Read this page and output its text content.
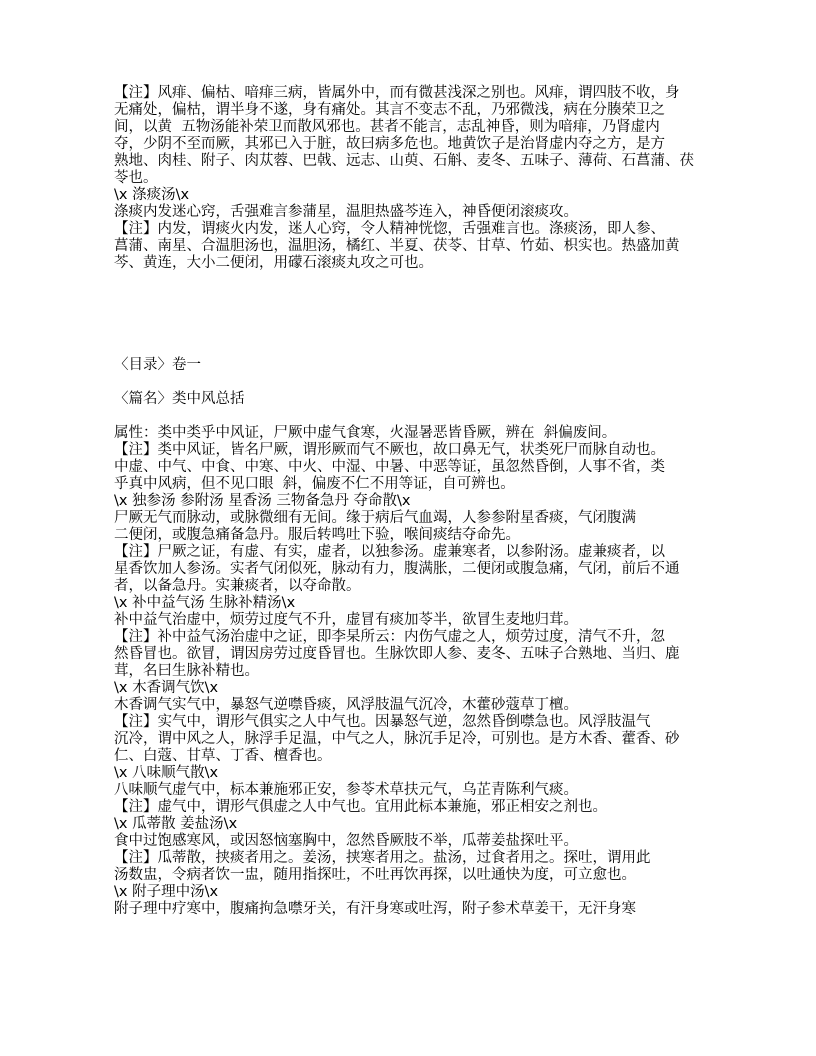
【注】风痱、偏枯、喑痱三病，皆属外中，而有微甚浅深之别也。风痱，谓四肢不收，身
无痛处，偏枯，谓半身不遂，身有痛处。其言不变志不乱，乃邪微浅，病在分腠荣卫之
间，以黄  五物汤能补荣卫而散风邪也。甚者不能言，志乱神昏，则为喑痱，乃肾虚内
夺，少阴不至而厥，其邪已入于脏，故曰病多危也。地黄饮子是治肾虚内夺之方，是方
熟地、肉桂、附子、肉苁蓉、巴戟、远志、山萸、石斛、麦冬、五味子、薄荷、石菖蒲、茯
苓也。
\x 涤痰汤\x
涤痰内发迷心窍，舌强难言参蒲星，温胆热盛芩连入，神昏便闭滚痰攻。
【注】内发，谓痰火内发，迷人心窍，令人精神恍惚，舌强难言也。涤痰汤，即人参、
菖蒲、南星、合温胆汤也，温胆汤，橘红、半夏、茯苓、甘草、竹茹、枳实也。热盛加黄
芩、黄连，大小二便闭，用礞石滚痰丸攻之可也。
〈目录〉卷一
〈篇名〉类中风总括
属性：类中类乎中风证，尸厥中虚气食寒，火湿暑恶皆昏厥，辨在  斜偏废间。
【注】类中风证，皆名尸厥，谓形厥而气不厥也，故口鼻无气，状类死尸而脉自动也。
中虚、中气、中食、中寒、中火、中湿、中暑、中恶等证，虽忽然昏倒，人事不省，类
乎真中风病，但不见口眼  斜，偏废不仁不用等证，自可辨也。
\x 独参汤 参附汤 星香汤 三物备急丹 夺命散\x
尸厥无气而脉动，或脉微细有无间。缘于病后气血竭，人参参附星香痰，气闭腹满
二便闭，或腹急痛备急丹。服后转鸣吐下验，喉间痰结夺命先。
【注】尸厥之证，有虚、有实，虚者，以独参汤。虚兼寒者，以参附汤。虚兼痰者，以
星香饮加人参汤。实者气闭似死，脉动有力，腹满胀，二便闭或腹急痛，气闭，前后不通
者，以备急丹。实兼痰者，以夺命散。
\x 补中益气汤 生脉补精汤\x
补中益气治虚中，烦劳过度气不升，虚冒有痰加苓半，欲冒生麦地归茸。
【注】补中益气汤治虚中之证，即李杲所云：内伤气虚之人，烦劳过度，清气不升，忽
然昏冒也。欲冒，谓因房劳过度昏冒也。生脉饮即人参、麦冬、五味子合熟地、当归、鹿
茸，名曰生脉补精也。
\x 木香调气饮\x
木香调气实气中，暴怒气逆噤昏痰，风浮肢温气沉冷，木藿砂蔻草丁檀。
【注】实气中，谓形气俱实之人中气也。因暴怒气逆，忽然昏倒噤急也。风浮肢温气
沉冷，谓中风之人，脉浮手足温，中气之人，脉沉手足冷，可别也。是方木香、藿香、砂
仁、白蔻、甘草、丁香、檀香也。
\x 八味顺气散\x
八味顺气虚气中，标本兼施邪正安，参苓术草扶元气，乌芷青陈利气痰。
【注】虚气中，谓形气俱虚之人中气也。宜用此标本兼施，邪正相安之剂也。
\x 瓜蒂散 姜盐汤\x
食中过饱感寒风，或因怒恼塞胸中，忽然昏厥肢不举，瓜蒂姜盐探吐平。
【注】瓜蒂散，挟痰者用之。姜汤，挟寒者用之。盐汤，过食者用之。探吐，谓用此
汤数盅，令病者饮一盅，随用指探吐，不吐再饮再探，以吐通快为度，可立愈也。
\x 附子理中汤\x
附子理中疗寒中，腹痛拘急噤牙关，有汗身寒或吐泻，附子参术草姜干，无汗身寒
